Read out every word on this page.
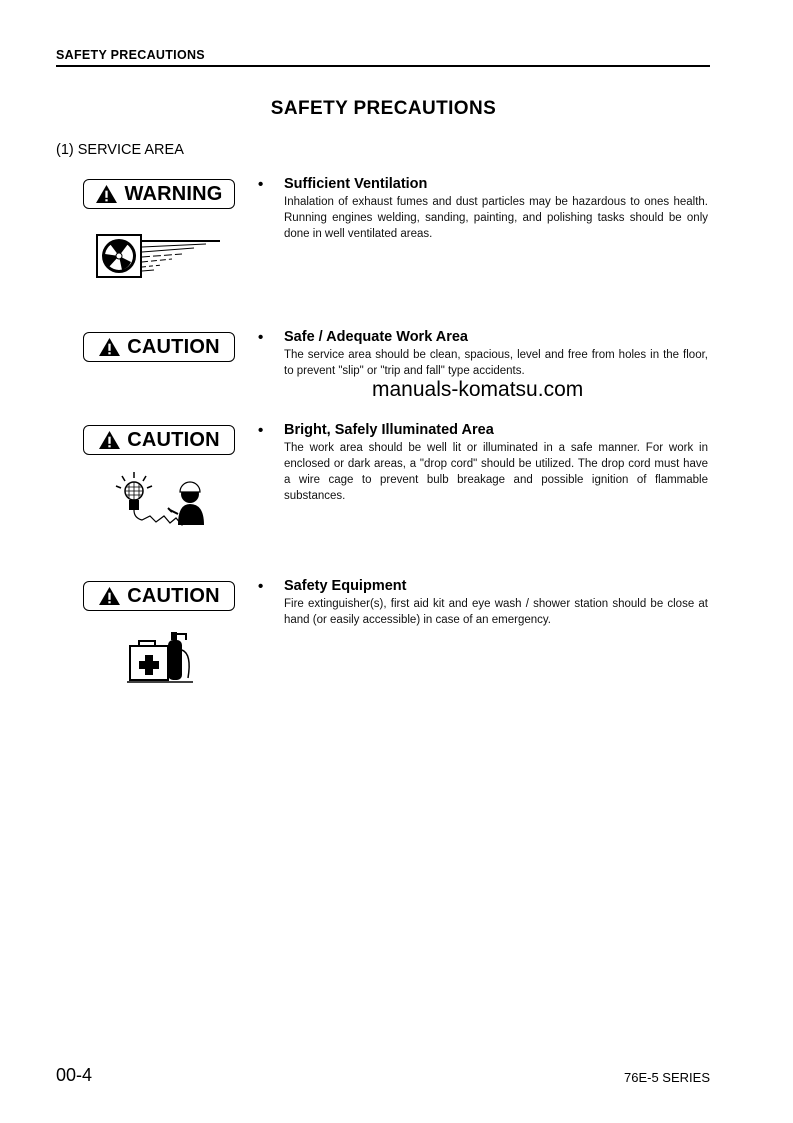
SAFETY PRECAUTIONS
SAFETY PRECAUTIONS
(1) SERVICE AREA
WARNING • Sufficient Ventilation
Inhalation of exhaust fumes and dust particles may be hazardous to ones health. Running engines welding, sanding, painting, and polishing tasks should be only done in well ventilated areas.
CAUTION	• Safe / Adequate Work Area
The service area should be clean, spacious, level and free from holes in the floor, to prevent "slip" or "trip and fall" type accidents.
manuals-komatsu.com
CAUTION	• Bright, Safely Illuminated Area
The work area should be well lit or illuminated in a safe manner. For work in enclosed or dark areas, a "drop cord" should be utilized. The drop cord must have a wire cage to prevent bulb breakage and possible ignition of flammable substances.
CAUTION	• Safety Equipment
Fire extinguisher(s), first aid kit and eye wash / shower station should be close at hand (or easily accessible) in case of an emergency.
00-4	76E-5 SERIES
